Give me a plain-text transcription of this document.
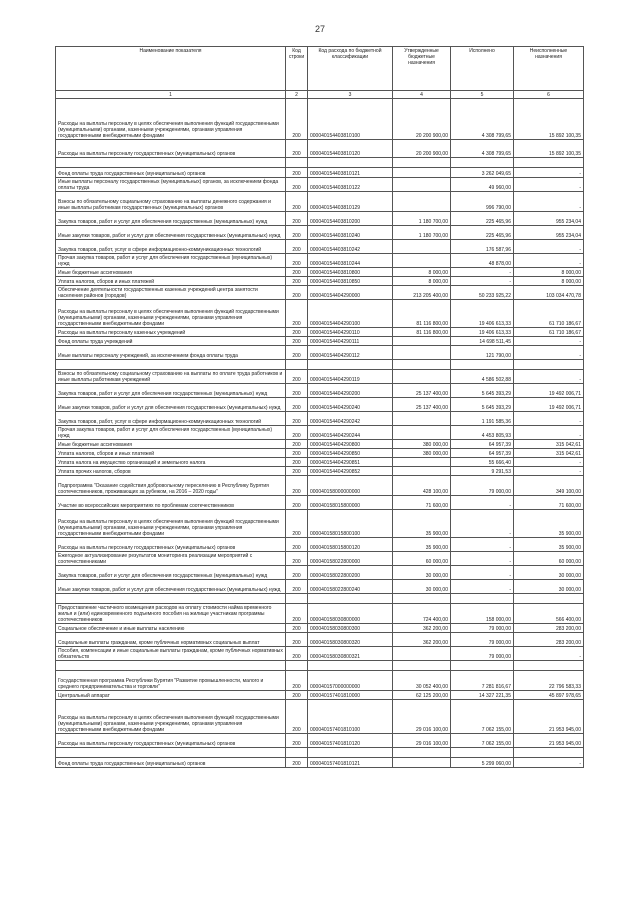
27
Наименование показателя	Код строки	Код расхода по бюджетной классификации	Утвержденные бюджетные назначения	Исполнено	Неисполненные назначения
1	2	3	4	5	6
Расходы на выплаты персоналу в целях обеспечения выполнения функций государственными (муниципальными) органами, казенными учреждениями, органами управления государственными внебюджетными фондами	200	000040154403810100	20 200 900,00	4 308 799,65	15 892 100,35
Расходы на выплаты персоналу государственных (муниципальных) органов	200	000040154403810120	20 200 900,00	4 308 799,65	15 892 100,35

Фонд оплаты труда государственных (муниципальных) органов	200	000040154403810121		3 262 049,65	-
Иные выплаты персоналу государственных (муниципальных) органов, за исключением фонда оплаты труда	200	000040154403810122		49 960,00	-
Взносы по обязательному социальному страхованию на выплаты денежного содержания и иные выплаты работникам государственных (муниципальных) органов	200	000040154403810129		996 790,00	-
Закупка товаров, работ и услуг для обеспечения государственных (муниципальных) нужд	200	000040154403810200	1 180 700,00	225 465,96	955 234,04
Иные закупки товаров, работ и услуг для обеспечения государственных (муниципальных) нужд	200	000040154403810240	1 180 700,00	225 465,96	955 234,04
Закупка товаров, работ, услуг в сфере информационно-коммуникационных технологий	200	000040154403810242		176 587,96	-
Прочая закупка товаров, работ и услуг для обеспечения государственных (муниципальных) нужд	200	000040154403810244		48 878,00	-
Иные бюджетные ассигнования	200	000040154403810800	8 000,00	-	8 000,00
Уплата налогов, сборов и иных платежей	200	000040154403810850	8 000,00	-	8 000,00
Обеспечение деятельности государственных казенных учреждений центра занятости населения районов (городов)	200	000040154404290000	213 205 400,00	50 233 925,22	103 034 470,78
Расходы на выплаты персоналу в целях обеспечения выполнения функций государственными (муниципальными) органами, казенными учреждениями, органами управления государственными внебюджетными фондами	200	000040154404290100	81 116 800,00	19 406 613,33	61 710 186,67
Расходы на выплаты персоналу казенных учреждений	200	000040154404290110	81 116 800,00	19 406 613,33	61 710 186,67
Фонд оплаты труда учреждений	200	000040154404290111		14 698 511,45	-
Иные выплаты персоналу учреждений, за исключением фонда оплаты труда	200	000040154404290112		121 790,00	-

Взносы по обязательному социальному страхованию на выплаты по оплате труда работников и иные выплаты работникам учреждений	200	000040154404290119		4 586 502,88	-
Закупка товаров, работ и услуг для обеспечения государственных (муниципальных) нужд	200	000040154404290200	25 137 400,00	5 645 393,29	19 492 006,71
Иные закупки товаров, работ и услуг для обеспечения государственных (муниципальных) нужд	200	000040154404290240	25 137 400,00	5 645 393,29	19 492 006,71
Закупка товаров, работ, услуг в сфере информационно-коммуникационных технологий	200	000040154404290242		1 191 585,36	-
Прочая закупка товаров, работ и услуг для обеспечения государственных (муниципальных) нужд	200	000040154404290244		4 453 805,93	-
Иные бюджетные ассигнования	200	000040154404290800	380 000,00	64 957,39	315 042,61
Уплата налогов, сборов и иных платежей	200	000040154404290850	380 000,00	64 957,39	315 042,61
Уплата налога на имущество организаций и земельного налога	200	000040154404290851		55 666,40	-
Уплата прочих налогов, сборов	200	000040154404290852		9 291,53	-
Подпрограмма "Оказание содействия добровольному переселению в Республику Бурятия соотечественников, проживающих за рубежом, на 2016 – 2020 годы"	200	000040158000000000	428 100,00	79 000,00	349 100,00
Участие во всероссийских мероприятиях по проблемам соотечественников	200	000040158015800000	71 600,00	-	71 600,00
Расходы на выплаты персоналу в целях обеспечения выполнения функций государственными (муниципальными) органами, казенными учреждениями, органами управления государственными внебюджетными фондами	200	000040158015800100	35 900,00	-	35 900,00
Расходы на выплаты персоналу государственных (муниципальных) органов	200	000040158015800120	35 900,00	-	35 900,00
Ежегодное актуализирование результатов мониторинга реализации мероприятий с соотечественниками	200	000040158022800000	60 000,00	-	60 000,00
Закупка товаров, работ и услуг для обеспечения государственных (муниципальных) нужд	200	000040158022800200	30 000,00	-	30 000,00
Иные закупки товаров, работ и услуг для обеспечения государственных (муниципальных) нужд	200	000040158022800240	30 000,00	-	30 000,00

Предоставление частичного возмещения расходов на оплату стоимости найма временного жилья и (или) единовременного подъемного пособия на жилище участникам программы соотечественников	200	000040158030800000	724 400,00	158 000,00	566 400,00
Социальное обеспечение и иные выплаты населению	200	000040158030800300	362 200,00	79 000,00	283 200,00
Социальные выплаты гражданам, кроме публичных нормативных социальных выплат	200	000040158030800320	362 200,00	79 000,00	283 200,00
Пособия, компенсации и иные социальные выплаты гражданам, кроме публичных нормативных обязательств	200	000040158030800321		79 000,00	-

Государственная программа Республики Бурятия "Развитие промышленности, малого и среднего предпринимательства и торговли"	200	000040157000000000	30 052 400,00	7 281 816,67	22 796 583,33
Центральный аппарат	200	000040157401810000	62 125 200,00	14 327 221,35	45 897 978,65
Расходы на выплаты персоналу в целях обеспечения выполнения функций государственными (муниципальными) органами, казенными учреждениями, органами управления государственными внебюджетными фондами	200	000040157401810100	29 016 100,00	7 062 155,00	21 953 945,00
Расходы на выплаты персоналу государственных (муниципальных) органов	200	000040157401810120	29 016 100,00	7 062 155,00	21 953 945,00

Фонд оплаты труда государственных (муниципальных) органов	200	000040157401810121		5 299 060,00	-
